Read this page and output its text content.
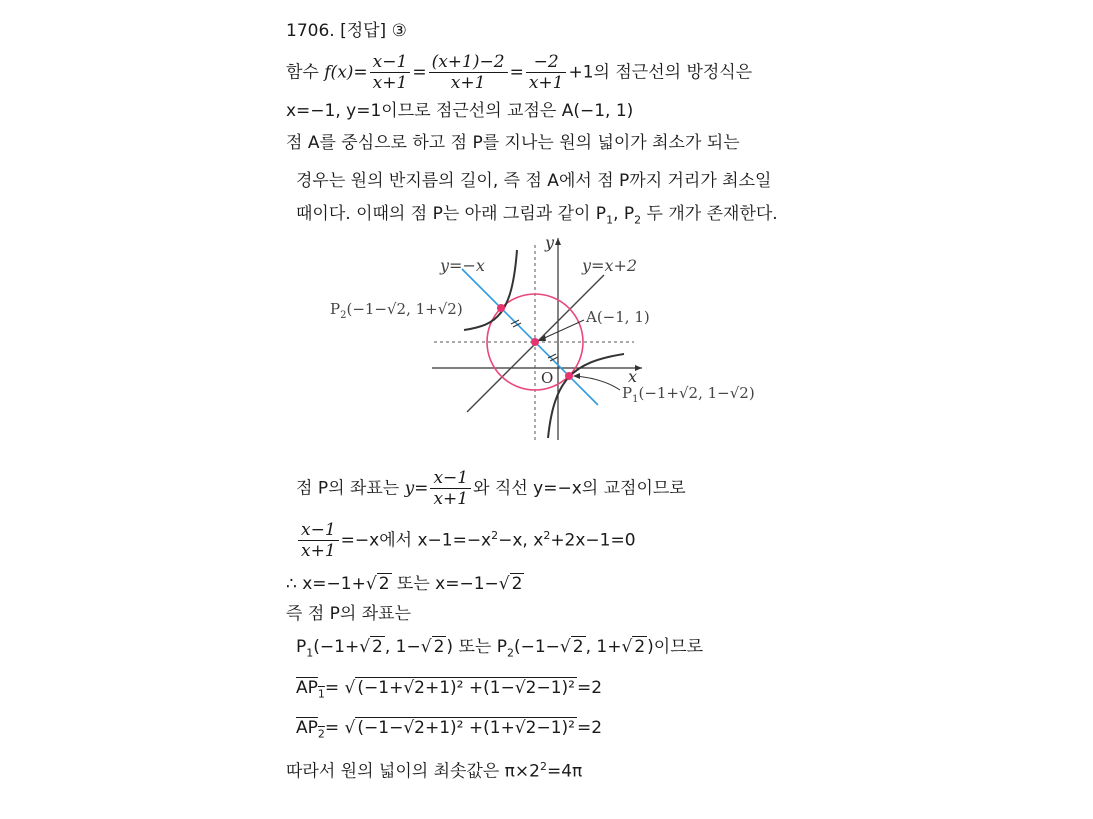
1706. [정답] ③
함수 $f(x)= \frac{x-1}{x+1} = \frac{(x+1)-2}{x+1} = \frac{-2}{x+1} +1$의 점근선의 방정식은
x=−1, y=1이므로 점근선의 교점은 A(−1, 1)
점 A를 중심으로 하고 점 P를 지나는 원의 넓이가 최소가 되는
경우는 원의 반지름의 길이, 즉 점 A에서 점 P까지 거리가 최소일
때이다. 이때의 점 P는 아래 그림과 같이 $P_1$, $P_2$ 두 개가 존재한다.
y=−x	y=x+2
y
x
O
A(−1, 1)
$P_2(-1-√2$, 1+√2)
$P_1(-1+√2$, 1−√2)
점 P의 좌표는 $y= \frac{x-1}{x+1}$ 와 직선 y=−x의 교점이므로
$\frac{x-1}{x+1} =-x$에서 $x-1=-x^2-x$, $x^2+2x-1=0$
∴ x=−1+√ 2 또는 x=−1−√ 2
즉 점 P의 좌표는
$P_1(-1+√$ 2 , 1−√ 2 ) 또는 $P_2(-1-√$ 2 , 1+√ 2 )이므로
$AP_1=$ √ (−1+√2+1)² +(1−√2−1)² =2
$AP_2=$ √ (−1−√2+1)² +(1+√2−1)² =2
따라서 원의 넓이의 최솟값은 $\pi\times 2^2=4\pi$
